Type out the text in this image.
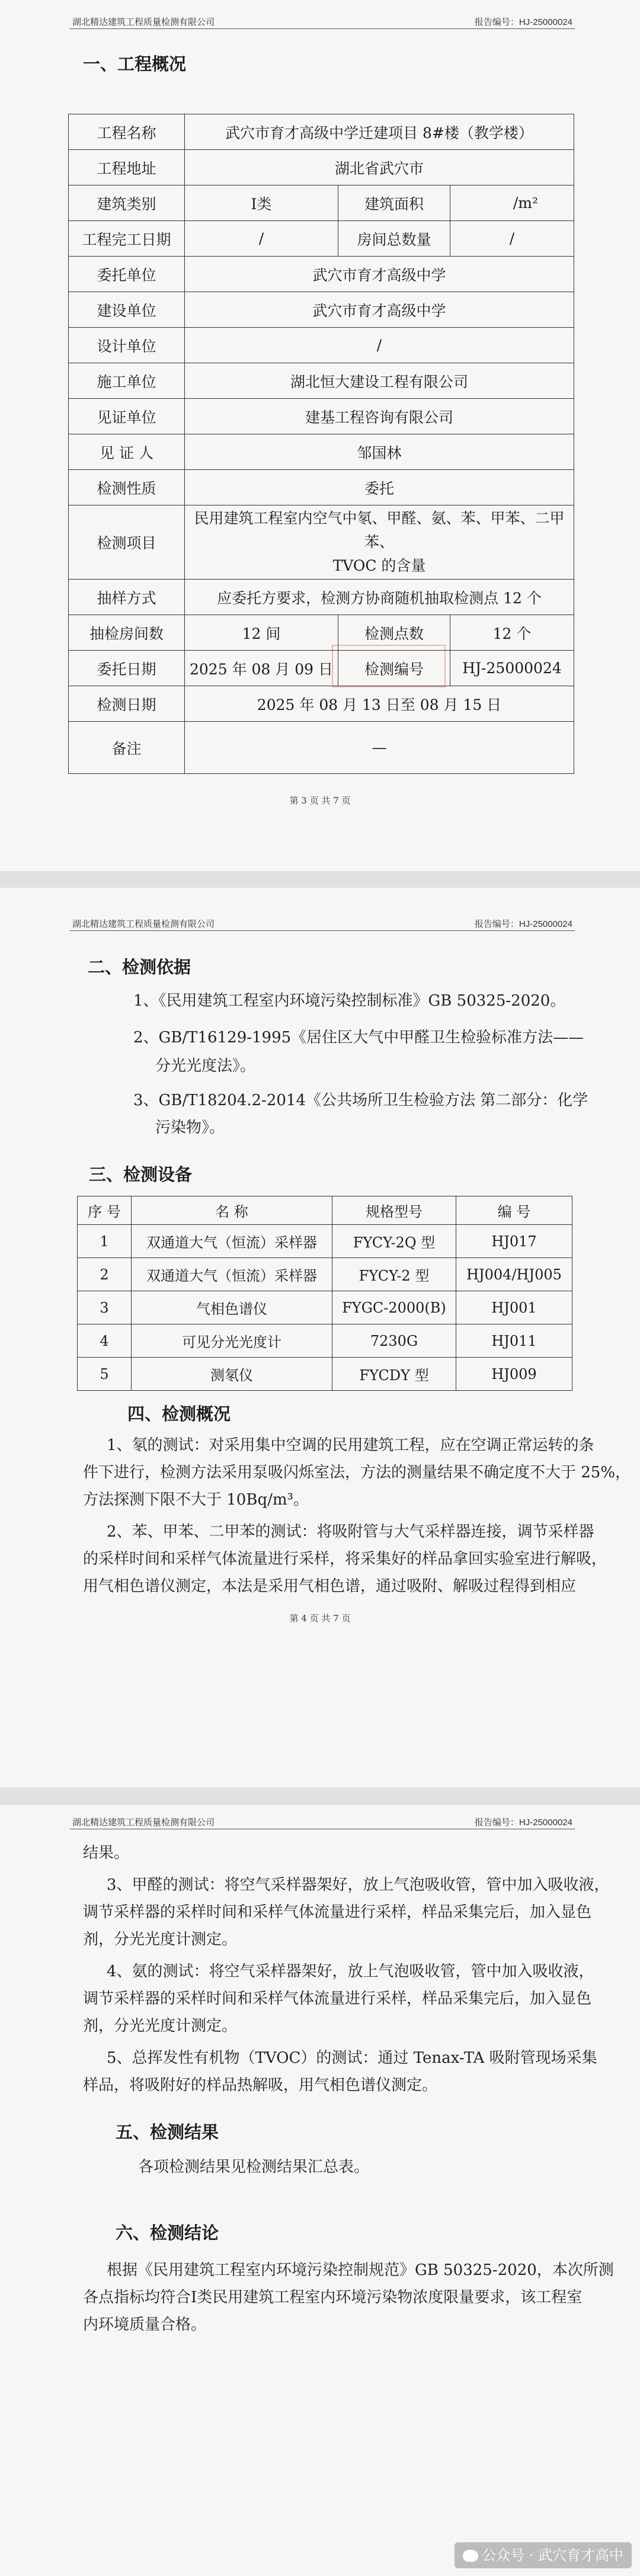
湖北精达建筑工程质量检测有限公司	报告编号：HJ-25000024
一、工程概况
工程名称	武穴市育才高级中学迁建项目 8#楼（教学楼）		
工程地址	湖北省武穴市		
建筑类别	Ⅰ类	建筑面积	/m²
工程完工日期	/	房间总数量	/
委托单位	武穴市育才高级中学		
建设单位	武穴市育才高级中学		
设计单位	/		
施工单位	湖北恒大建设工程有限公司		
见证单位	建基工程咨询有限公司		
见 证 人	邹国林		
检测性质	委托		
检测项目	民用建筑工程室内空气中氡、甲醛、氨、苯、甲苯、二甲苯、
TVOC 的含量		

抽样方式	应委托方要求，检测方协商随机抽取检测点 12 个		
抽检房间数	12 间	检测点数	12 个
委托日期	2025 年 08 月 09 日	检测编号	HJ-25000024
检测日期	2025 年 08 月 13 日至 08 月 15 日		
备注	—		
第 3 页 共 7 页
湖北精达建筑工程质量检测有限公司	报告编号：HJ-25000024
二、检测依据
1、《民用建筑工程室内环境污染控制标准》GB 50325-2020。
2、GB/T16129-1995《居住区大气中甲醛卫生检验标准方法——
分光光度法》。
3、GB/T18204.2-2014《公共场所卫生检验方法 第二部分：化学
污染物》。
三、检测设备
序 号	名 称	规格型号	编 号
1	双通道大气（恒流）采样器	FYCY-2Q 型	HJ017
2	双通道大气（恒流）采样器	FYCY-2 型	HJ004/HJ005
3	气相色谱仪	FYGC-2000(B)	HJ001
4	可见分光光度计	7230G	HJ011
5	测氡仪	FYCDY 型	HJ009
四、检测概况
1、氡的测试：对采用集中空调的民用建筑工程，应在空调正常运转的条
件下进行，检测方法采用泵吸闪烁室法，方法的测量结果不确定度不大于 25%，
方法探测下限不大于 10Bq/m³。
2、苯、甲苯、二甲苯的测试：将吸附管与大气采样器连接，调节采样器
的采样时间和采样气体流量进行采样，将采集好的样品拿回实验室进行解吸，
用气相色谱仪测定，本法是采用气相色谱，通过吸附、解吸过程得到相应
第 4 页 共 7 页
湖北精达建筑工程质量检测有限公司	报告编号：HJ-25000024
结果。
3、甲醛的测试：将空气采样器架好，放上气泡吸收管，管中加入吸收液，
调节采样器的采样时间和采样气体流量进行采样，样品采集完后，加入显色
剂，分光光度计测定。
4、氨的测试：将空气采样器架好，放上气泡吸收管，管中加入吸收液，
调节采样器的采样时间和采样气体流量进行采样，样品采集完后，加入显色
剂，分光光度计测定。
5、总挥发性有机物（TVOC）的测试：通过 Tenax-TA 吸附管现场采集
样品，将吸附好的样品热解吸，用气相色谱仪测定。
五、检测结果
各项检测结果见检测结果汇总表。
六、检测结论
根据《民用建筑工程室内环境污染控制规范》GB 50325-2020，本次所测
各点指标均符合Ⅰ类民用建筑工程室内环境污染物浓度限量要求，该工程室
内环境质量合格。
公众号 · 武穴育才高中
